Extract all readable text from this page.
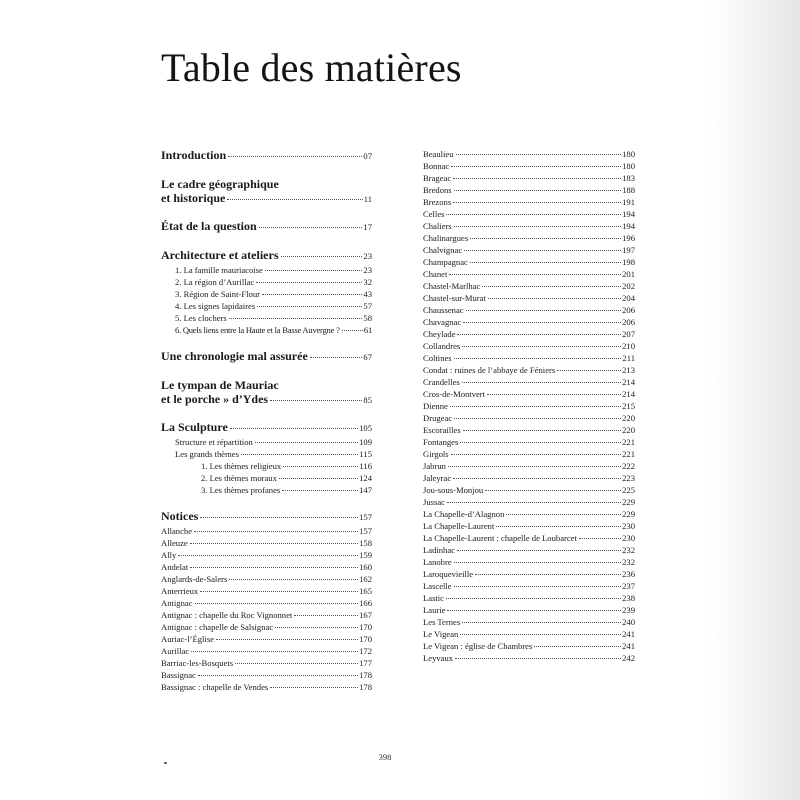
Table des matières
Introduction	07
Le cadre géographique
et historique	11
État de la question	17
Architecture et ateliers	23
1. La famille mauriacoise	23
2. La région d’Aurillac	32
3. Région de Saint-Flour	43
4. Les signes lapidaires	57
5. Les clochers	58
6. Quels liens entre la Haute et la Basse Auvergne ?	61
Une chronologie mal assurée	67
Le tympan de Mauriac
et le porche » d’Ydes	85
La Sculpture	105
Structure et répartition	109
Les grands thèmes	115
1. Les thèmes religieux	116
2. Les thèmes moraux	124
3. Les thèmes profanes	147
Notices	157
Allanche	157
Alleuze	158
Ally	159
Andelat	160
Anglards-de-Salers	162
Anterrieux	165
Antignac	166
Antignac : chapelle du Roc Vignonnet	167
Antignac : chapelle de Salsignac	170
Auriac-l’Église	170
Aurillac	172
Barriac-les-Bosquets	177
Bassignac	178
Bassignac : chapelle de Vendes	178
Beaulieu	180
Bonnac	180
Brageac	183
Bredons	188
Brezons	191
Celles	194
Chaliers	194
Chalinargues	196
Chalvignac	197
Champagnac	198
Chanet	201
Chastel-Marlhac	202
Chastel-sur-Murat	204
Chaussenac	206
Chavagnac	206
Cheylade	207
Collandres	210
Coltines	211
Condat : ruines de l’abbaye de Féniers	213
Crandelles	214
Cros-de-Montvert	214
Dienne	215
Drugeac	220
Escorailles	220
Fontanges	221
Girgols	221
Jabrun	222
Jaleyrac	223
Jou-sous-Monjou	225
Jussac	229
La Chapelle-d’Alagnon	229
La Chapelle-Laurent	230
La Chapelle-Laurent : chapelle de Loubarcet	230
Ladinhac	232
Lanobre	232
Laroquevieille	236
Lascelle	237
Lastic	238
Laurie	239
Les Ternes	240
Le Vigean	241
Le Vigean : église de Chambres	241
Leyvaux	242
398
